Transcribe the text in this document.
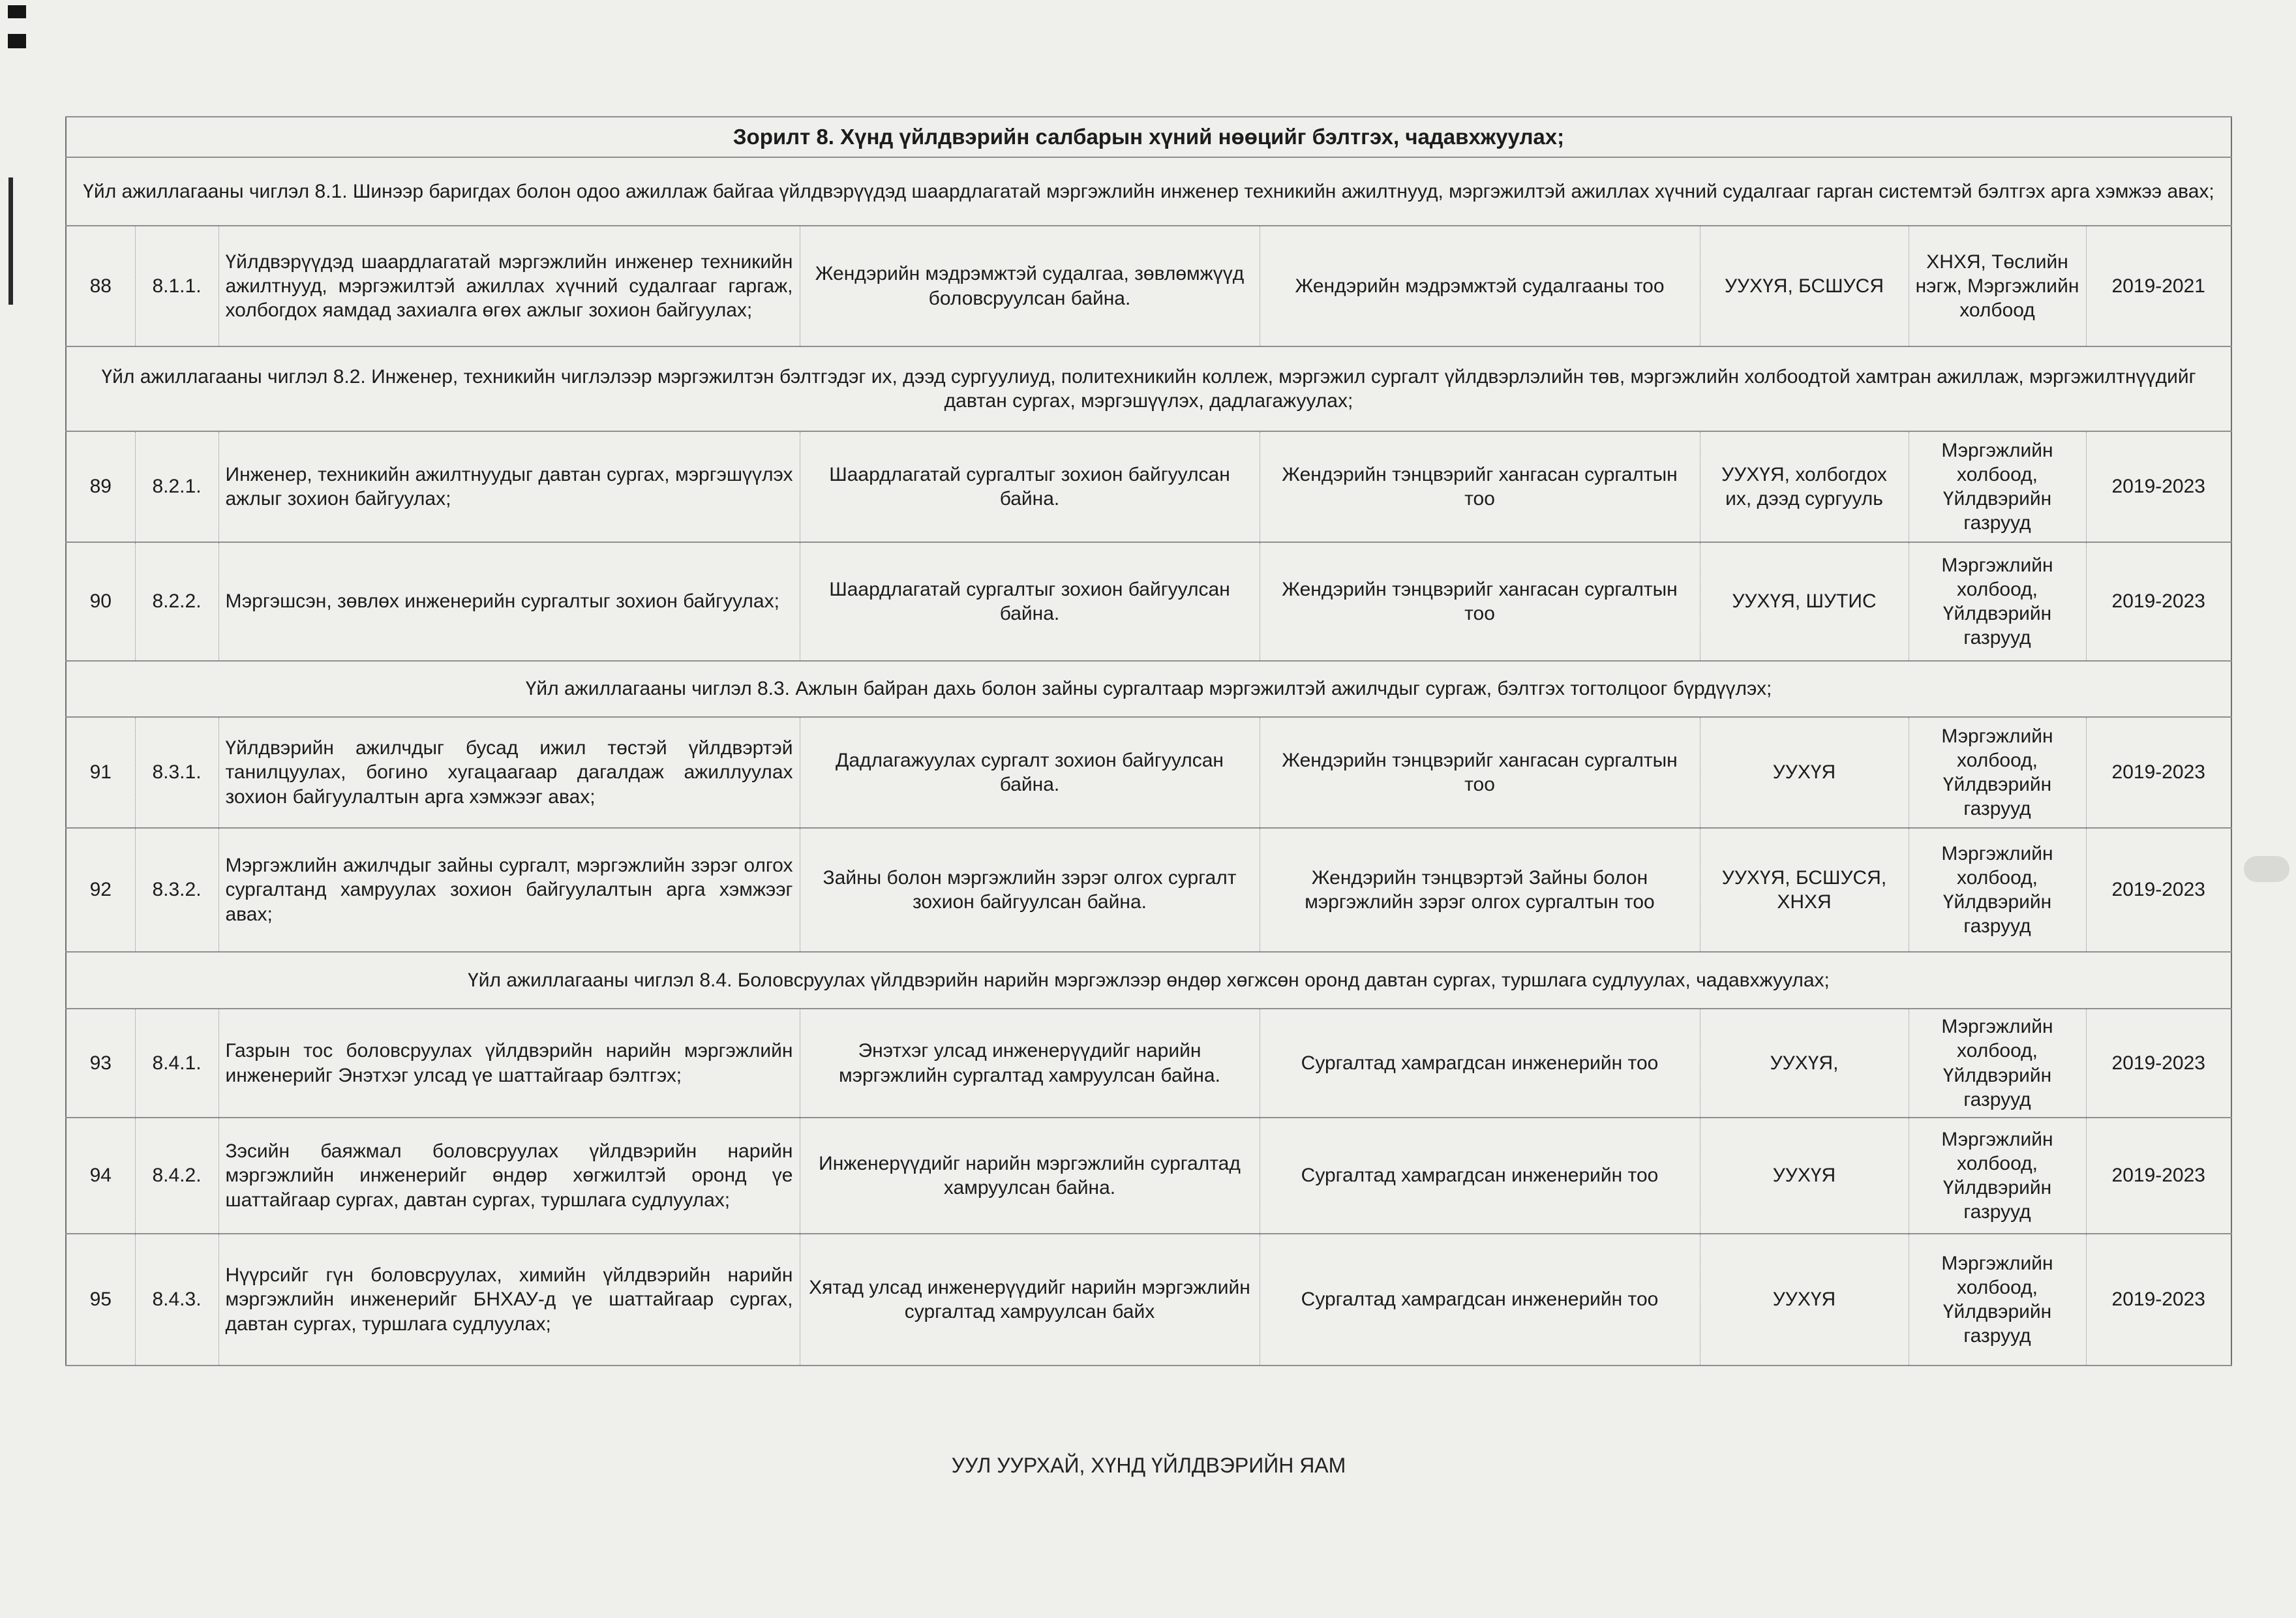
Зорилт 8. Хүнд үйлдвэрийн салбарын хүний нөөцийг бэлтгэх, чадавхжуулах;							
Үйл ажиллагааны чиглэл 8.1. Шинээр баригдах болон одоо ажиллаж байгаа үйлдвэрүүдэд шаардлагатай мэргэжлийн инженер техникийн ажилтнууд, мэргэжилтэй ажиллах хүчний судалгааг гарган системтэй бэлтгэх арга хэмжээ авах;							
88	8.1.1.	Үйлдвэрүүдэд шаардлагатай мэргэжлийн инженер техникийн ажилтнууд, мэргэжилтэй ажиллах хүчний судалгааг гаргаж, холбогдох яамдад захиалга өгөх ажлыг зохион байгуулах;	Жендэрийн мэдрэмжтэй судалгаа, зөвлөмжүүд боловсруулсан байна.	Жендэрийн мэдрэмжтэй судалгааны тоо	УУХҮЯ, БСШУСЯ	ХНХЯ, Төслийн нэгж, Мэргэжлийн холбоод	2019-2021
Үйл ажиллагааны чиглэл 8.2. Инженер, техникийн чиглэлээр мэргэжилтэн бэлтгэдэг их, дээд сургуулиуд, политехникийн коллеж, мэргэжил сургалт үйлдвэрлэлийн төв, мэргэжлийн холбоодтой хамтран ажиллаж, мэргэжилтнүүдийг давтан сургах, мэргэшүүлэх, дадлагажуулах;							
89	8.2.1.	Инженер, техникийн ажилтнуудыг давтан сургах, мэргэшүүлэх ажлыг зохион байгуулах;	Шаардлагатай сургалтыг зохион байгуулсан байна.	Жендэрийн тэнцвэрийг хангасан сургалтын тоо	УУХҮЯ, холбогдох их, дээд сургууль	Мэргэжлийн холбоод, Үйлдвэрийн газрууд	2019-2023
90	8.2.2.	Мэргэшсэн, зөвлөх инженерийн сургалтыг зохион байгуулах;	Шаардлагатай сургалтыг зохион байгуулсан байна.	Жендэрийн тэнцвэрийг хангасан сургалтын тоо	УУХҮЯ, ШУТИС	Мэргэжлийн холбоод, Үйлдвэрийн газрууд	2019-2023
Үйл ажиллагааны чиглэл 8.3. Ажлын байран дахь болон зайны сургалтаар мэргэжилтэй ажилчдыг сургаж, бэлтгэх тогтолцоог бүрдүүлэх;							
91	8.3.1.	Үйлдвэрийн ажилчдыг бусад ижил төстэй үйлдвэртэй танилцуулах, богино хугацаагаар дагалдаж ажиллуулах зохион байгуулалтын арга хэмжээг авах;	Дадлагажуулах сургалт зохион байгуулсан байна.	Жендэрийн тэнцвэрийг хангасан сургалтын тоо	УУХҮЯ	Мэргэжлийн холбоод, Үйлдвэрийн газрууд	2019-2023
92	8.3.2.	Мэргэжлийн ажилчдыг зайны сургалт, мэргэжлийн зэрэг олгох сургалтанд хамруулах зохион байгуулалтын арга хэмжээг авах;	Зайны болон мэргэжлийн зэрэг олгох сургалт зохион байгуулсан байна.	Жендэрийн тэнцвэртэй Зайны болон мэргэжлийн зэрэг олгох сургалтын тоо	УУХҮЯ, БСШУСЯ, ХНХЯ	Мэргэжлийн холбоод, Үйлдвэрийн газрууд	2019-2023
Үйл ажиллагааны чиглэл 8.4. Боловсруулах үйлдвэрийн нарийн мэргэжлээр өндөр хөгжсөн оронд давтан сургах, туршлага судлуулах, чадавхжуулах;							
93	8.4.1.	Газрын тос боловсруулах үйлдвэрийн нарийн мэргэжлийн инженерийг Энэтхэг улсад үе шаттайгаар бэлтгэх;	Энэтхэг улсад инженерүүдийг нарийн мэргэжлийн сургалтад хамруулсан байна.	Сургалтад хамрагдсан инженерийн тоо	УУХҮЯ,	Мэргэжлийн холбоод, Үйлдвэрийн газрууд	2019-2023
94	8.4.2.	Зэсийн баяжмал боловсруулах үйлдвэрийн нарийн мэргэжлийн инженерийг өндөр хөгжилтэй оронд үе шаттайгаар сургах, давтан сургах, туршлага судлуулах;	Инженерүүдийг нарийн мэргэжлийн сургалтад хамруулсан байна.	Сургалтад хамрагдсан инженерийн тоо	УУХҮЯ	Мэргэжлийн холбоод, Үйлдвэрийн газрууд	2019-2023
95	8.4.3.	Нүүрсийг гүн боловсруулах, химийн үйлдвэрийн нарийн мэргэжлийн инженерийг БНХАУ-д үе шаттайгаар сургах, давтан сургах, туршлага судлуулах;	Хятад улсад инженерүүдийг нарийн мэргэжлийн сургалтад хамруулсан байх	Сургалтад хамрагдсан инженерийн тоо	УУХҮЯ	Мэргэжлийн холбоод, Үйлдвэрийн газрууд	2019-2023
УУЛ УУРХАЙ, ХҮНД ҮЙЛДВЭРИЙН ЯАМ
